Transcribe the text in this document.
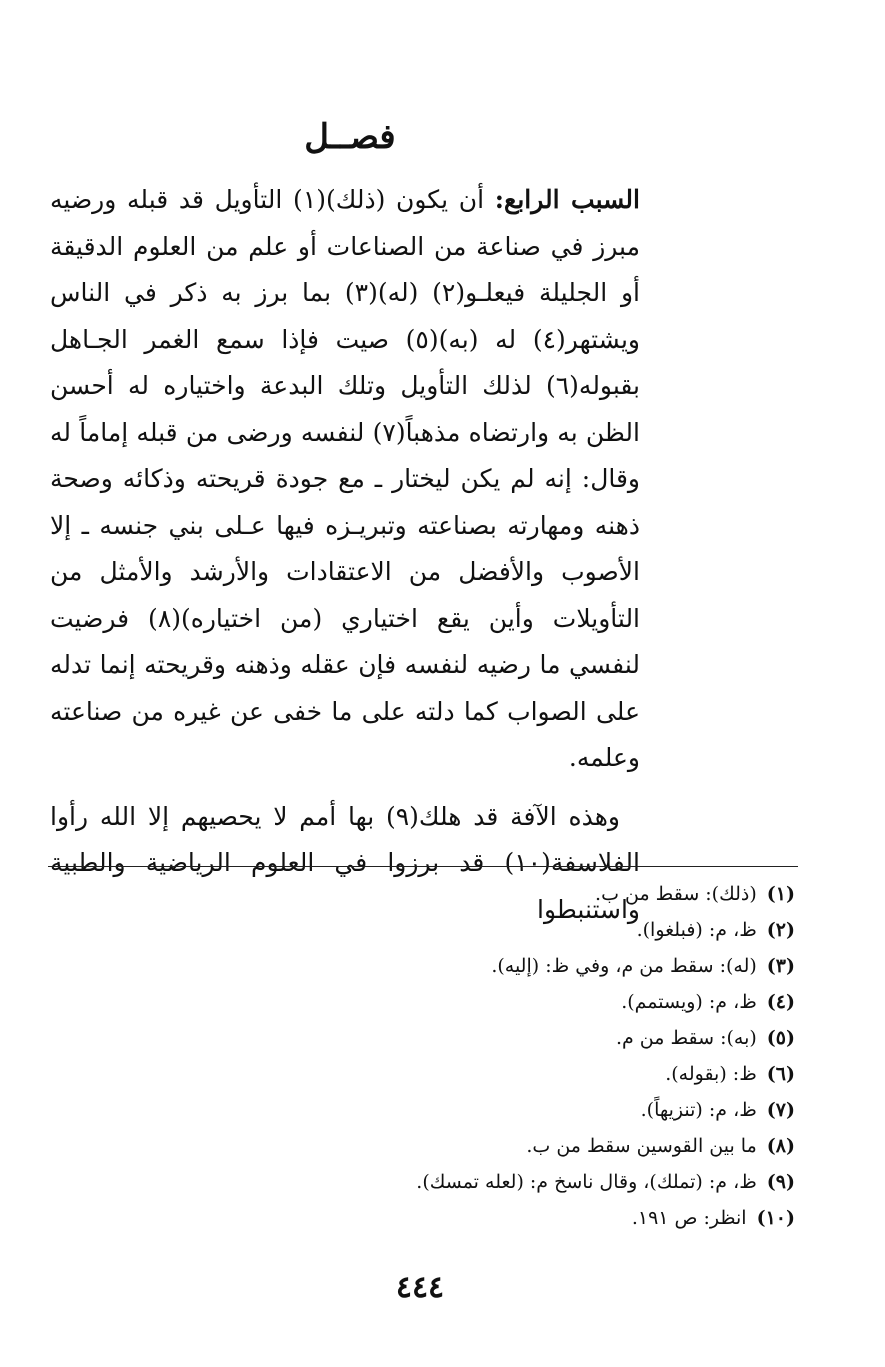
فصــل

السبب الرابع: أن يكون (ذلك)(١) التأويل قد قبله ورضيه مبرز في صناعة من الصناعات أو علم من العلوم الدقيقة أو الجليلة فيعلـو(٢) (له)(٣) بما برز به ذكر في الناس ويشتهر(٤) له (به)(٥) صيت فإذا سمع الغمر الجـاهل بقبوله(٦) لذلك التأويل وتلك البدعة واختياره له أحسن الظن به وارتضاه مذهباً(٧) لنفسه ورضى من قبله إماماً له وقال: إنه لم يكن ليختار ـ مع جودة قريحته وذكائه وصحة ذهنه ومهارته بصناعته وتبريـزه فيها عـلى بني جنسه ـ إلا الأصوب والأفضل من الاعتقادات والأرشد والأمثل من التأويلات وأين يقع اختياري (من اختياره)(٨) فرضيت لنفسي ما رضيه لنفسه فإن عقله وذهنه وقريحته إنما تدله على الصواب كما دلته على ما خفى عن غيره من صناعته وعلمه.

وهذه الآفة قد هلك(٩) بها أمم لا يحصيهم إلا الله رأوا الفلاسفة(١٠) قد برزوا في العلوم الرياضية والطبية واستنبطوا

(١)(ذلك): سقط من ب.
(٢)ظ، م: (فبلغوا).
(٣)(له): سقط من م، وفي ظ: (إليه).
(٤)ظ، م: (ويستمم).
(٥)(به): سقط من م.
(٦)ظ: (بقوله).
(٧)ظ، م: (تنزيهاً).
(٨)ما بين القوسين سقط من ب.
(٩)ظ، م: (تملك)، وقال ناسخ م: (لعله تمسك).
(١٠)انظر: ص ١٩١.
٤٤٤
